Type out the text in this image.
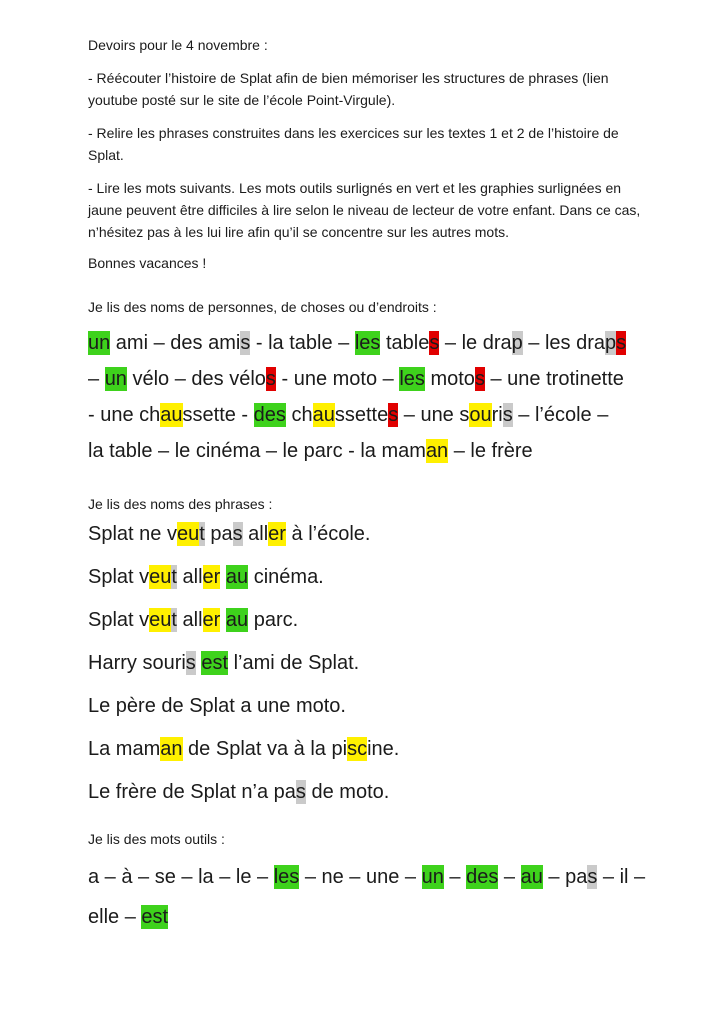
Devoirs pour le 4 novembre :

- Réécouter l’histoire de Splat afin de bien mémoriser les structures de phrases (lien youtube posté sur le site de l’école Point-Virgule).

- Relire les phrases construites dans les exercices sur les textes 1 et 2 de l’histoire de Splat.

- Lire les mots suivants. Les mots outils surlignés en vert et les graphies surlignées en jaune peuvent être difficiles à lire selon le niveau de lecteur de votre enfant. Dans ce cas, n’hésitez pas à les lui lire afin qu’il se concentre sur les autres mots.

Bonnes vacances !

Je lis des noms de personnes, de choses ou d’endroits :

un ami – des amis - la table – les tables – le drap – les draps
– un vélo – des vélos - une moto – les motos – une trotinette
- une chaussette - des chaussettes – une souris – l’école –
la table – le cinéma – le parc - la maman – le frère

Je lis des noms des phrases :

Splat ne veut pas aller à l’école.
Splat veut aller au cinéma.
Splat veut aller au parc.
Harry souris est l’ami de Splat.
Le père de Splat a une moto.
La maman de Splat va à la piscine.
Le frère de Splat n’a pas de moto.

Je lis des mots outils :

a – à – se – la – le – les – ne – une – un – des – au – pas – il –
elle – est
